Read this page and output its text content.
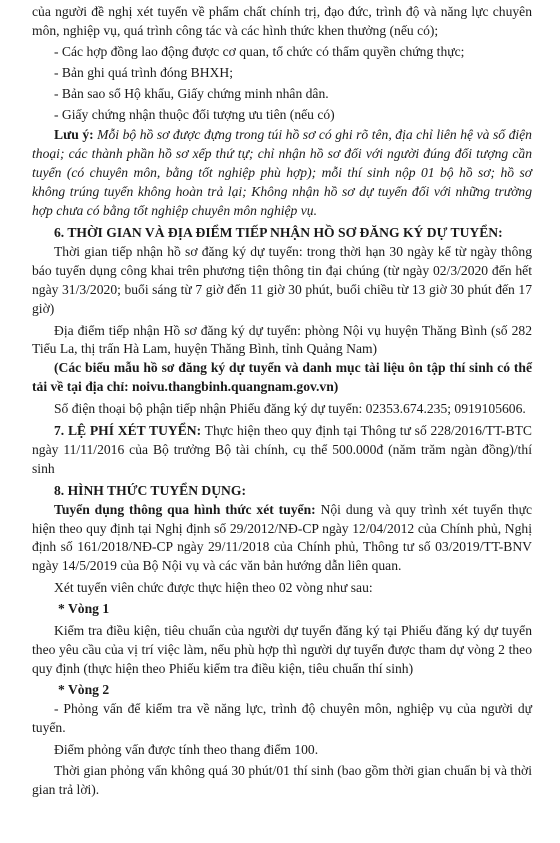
của người đề nghị xét tuyển về phẩm chất chính trị, đạo đức, trình độ và năng lực chuyên môn, nghiệp vụ, quá trình công tác và các hình thức khen thưởng (nếu có);

- Các hợp đồng lao động được cơ quan, tổ chức có thẩm quyền chứng thực;

- Bản ghi quá trình đóng BHXH;

- Bản sao sổ Hộ khẩu, Giấy chứng minh nhân dân.

- Giấy chứng nhận thuộc đối tượng ưu tiên (nếu có)

Lưu ý: Mỗi bộ hồ sơ được đựng trong túi hồ sơ có ghi rõ tên, địa chỉ liên hệ và số điện thoại; các thành phần hồ sơ xếp thứ tự; chỉ nhận hồ sơ đối với người đúng đối tượng cần tuyển (có chuyên môn, bằng tốt nghiệp phù hợp); mỗi thí sinh nộp 01 bộ hồ sơ; hồ sơ không trúng tuyển không hoàn trả lại; Không nhận hồ sơ dự tuyển đối với những trường hợp chưa có bằng tốt nghiệp chuyên môn nghiệp vụ.

6. THỜI GIAN VÀ ĐỊA ĐIỂM TIẾP NHẬN HỒ SƠ ĐĂNG KÝ DỰ TUYỂN:

Thời gian tiếp nhận hồ sơ đăng ký dự tuyển: trong thời hạn 30 ngày kể từ ngày thông báo tuyển dụng công khai trên phương tiện thông tin đại chúng (từ ngày 02/3/2020 đến hết ngày 31/3/2020; buổi sáng từ 7 giờ đến 11 giờ 30 phút, buổi chiều từ 13 giờ 30 phút đến 17 giờ)

Địa điểm tiếp nhận Hồ sơ đăng ký dự tuyển: phòng Nội vụ huyện Thăng Bình (số 282 Tiểu La, thị trấn Hà Lam, huyện Thăng Bình, tỉnh Quảng Nam)

(Các biểu mẫu hồ sơ đăng ký dự tuyển và danh mục tài liệu ôn tập thí sinh có thể tải về tại địa chỉ: noivu.thangbinh.quangnam.gov.vn)

Số điện thoại bộ phận tiếp nhận Phiếu đăng ký dự tuyển: 02353.674.235; 0919105606.

7. LỆ PHÍ XÉT TUYỂN: Thực hiện theo quy định tại Thông tư số 228/2016/TT-BTC ngày 11/11/2016 của Bộ trưởng Bộ tài chính, cụ thể 500.000đ (năm trăm ngàn đồng)/thí sinh

8. HÌNH THỨC TUYỂN DỤNG:

Tuyển dụng thông qua hình thức xét tuyển: Nội dung và quy trình xét tuyển thực hiện theo quy định tại Nghị định số 29/2012/NĐ-CP ngày 12/04/2012 của Chính phủ, Nghị định số 161/2018/NĐ-CP ngày 29/11/2018 của Chính phủ, Thông tư số 03/2019/TT-BNV ngày 14/5/2019 của Bộ Nội vụ và các văn bản hướng dẫn liên quan.

Xét tuyển viên chức được thực hiện theo 02 vòng như sau:

* Vòng 1

Kiểm tra điều kiện, tiêu chuẩn của người dự tuyển đăng ký tại Phiếu đăng ký dự tuyển theo yêu cầu của vị trí việc làm, nếu phù hợp thì người dự tuyển được tham dự vòng 2 theo quy định (thực hiện theo Phiếu kiểm tra điều kiện, tiêu chuẩn thí sinh)

* Vòng 2

- Phỏng vấn để kiểm tra về năng lực, trình độ chuyên môn, nghiệp vụ của người dự tuyển.

Điểm phỏng vấn được tính theo thang điểm 100.

Thời gian phỏng vấn không quá 30 phút/01 thí sinh (bao gồm thời gian chuẩn bị và thời gian trả lời).
